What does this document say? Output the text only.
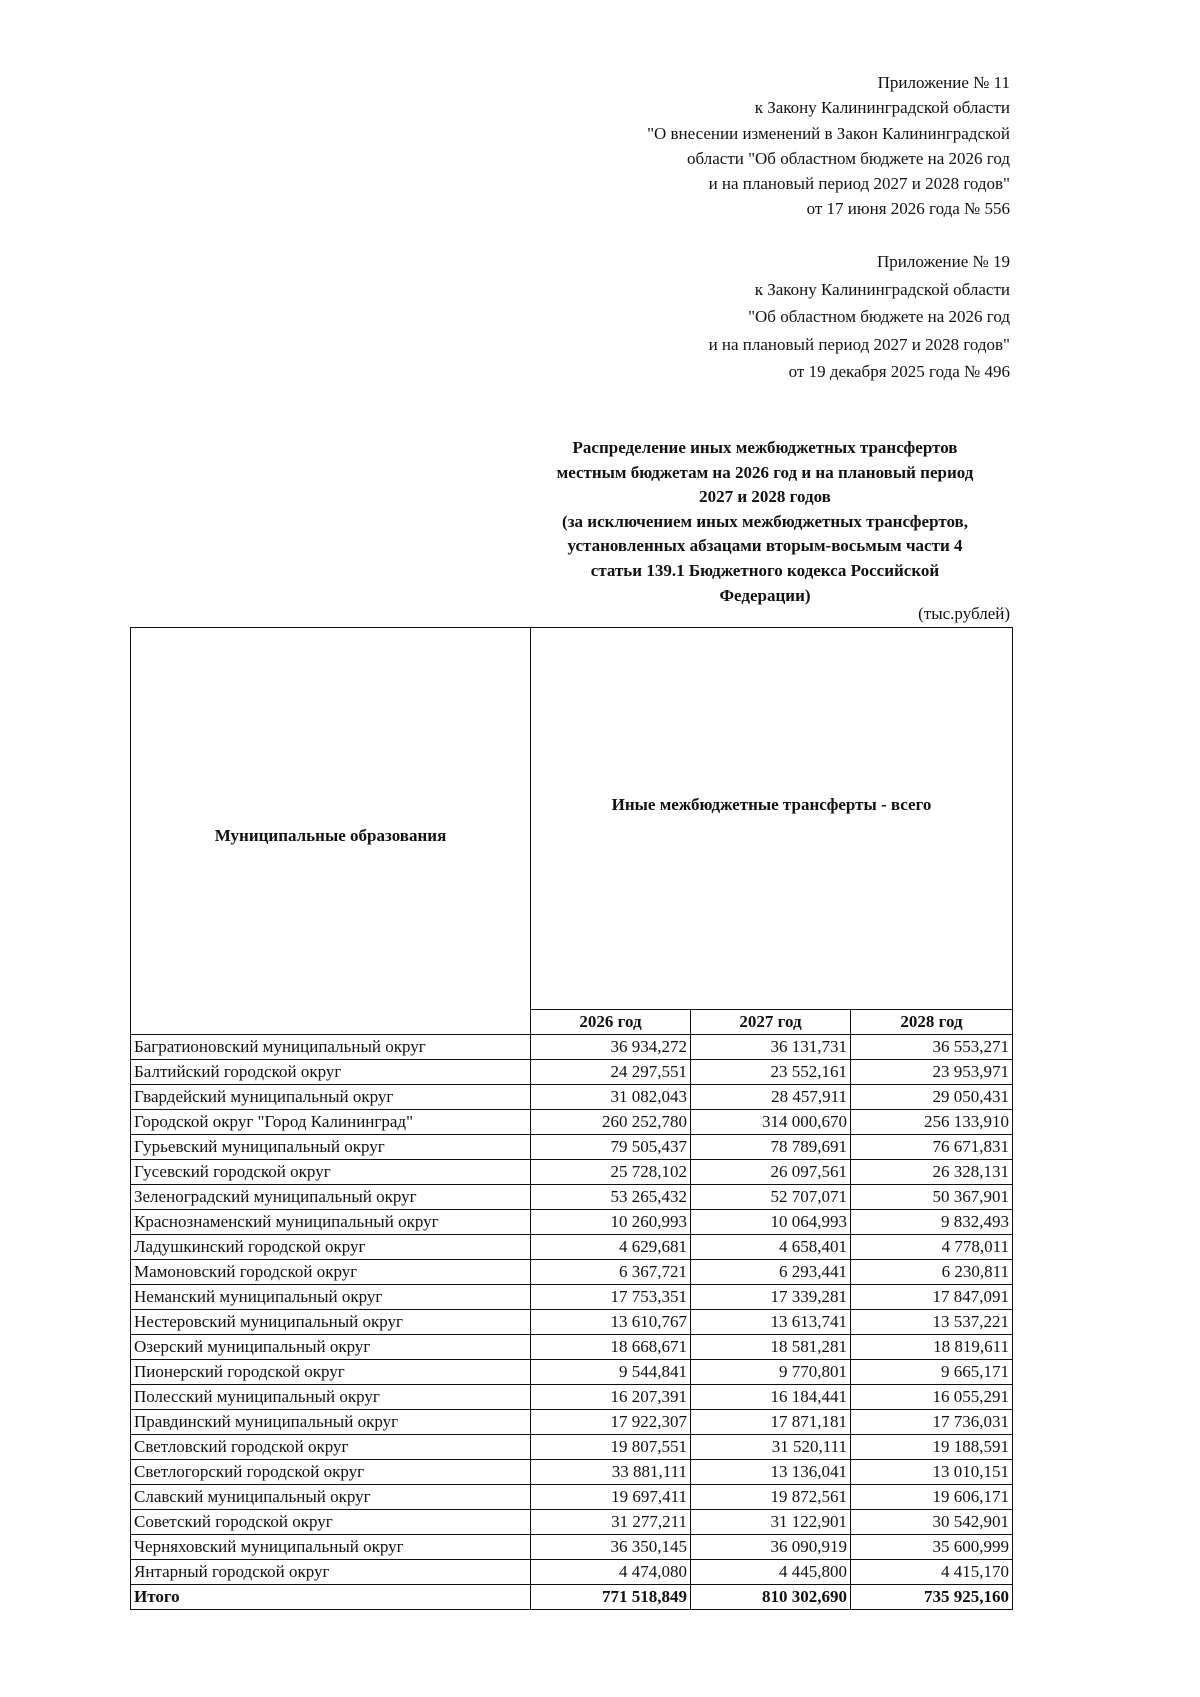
Приложение № 11
к Закону Калининградской области
"О внесении изменений в Закон Калининградской
области "Об областном бюджете на 2026 год
и на плановый период 2027 и 2028 годов"
от 17 июня 2026 года № 556
Приложение № 19
к Закону Калининградской области
"Об областном бюджете на 2026 год
и на плановый период 2027 и 2028 годов"
от 19 декабря 2025 года № 496
Распределение иных межбюджетных трансфертов
местным бюджетам на 2026 год и на плановый период
2027 и 2028 годов
(за исключением иных межбюджетных трансфертов,
установленных абзацами вторым-восьмым части 4
статьи 139.1 Бюджетного кодекса Российской
Федерации)
(тыс.рублей)
Муниципальные образования	Иные межбюджетные трансферты - всего		
	2026 год	2027 год	2028 год
Багратионовский муниципальный округ	36 934,272	36 131,731	36 553,271
Балтийский городской округ	24 297,551	23 552,161	23 953,971
Гвардейский муниципальный округ	31 082,043	28 457,911	29 050,431
Городской округ "Город Калининград"	260 252,780	314 000,670	256 133,910
Гурьевский муниципальный округ	79 505,437	78 789,691	76 671,831
Гусевский городской округ	25 728,102	26 097,561	26 328,131
Зеленоградский муниципальный округ	53 265,432	52 707,071	50 367,901
Краснознаменский муниципальный округ	10 260,993	10 064,993	9 832,493
Ладушкинский городской округ	4 629,681	4 658,401	4 778,011
Мамоновский городской округ	6 367,721	6 293,441	6 230,811
Неманский муниципальный округ	17 753,351	17 339,281	17 847,091
Нестеровский муниципальный округ	13 610,767	13 613,741	13 537,221
Озерский муниципальный округ	18 668,671	18 581,281	18 819,611
Пионерский городской округ	9 544,841	9 770,801	9 665,171
Полесский муниципальный округ	16 207,391	16 184,441	16 055,291
Правдинский муниципальный округ	17 922,307	17 871,181	17 736,031
Светловский городской округ	19 807,551	31 520,111	19 188,591
Светлогорский городской округ	33 881,111	13 136,041	13 010,151
Славский муниципальный округ	19 697,411	19 872,561	19 606,171
Советский городской округ	31 277,211	31 122,901	30 542,901
Черняховский муниципальный округ	36 350,145	36 090,919	35 600,999
Янтарный городской округ	4 474,080	4 445,800	4 415,170
Итого	771 518,849	810 302,690	735 925,160
